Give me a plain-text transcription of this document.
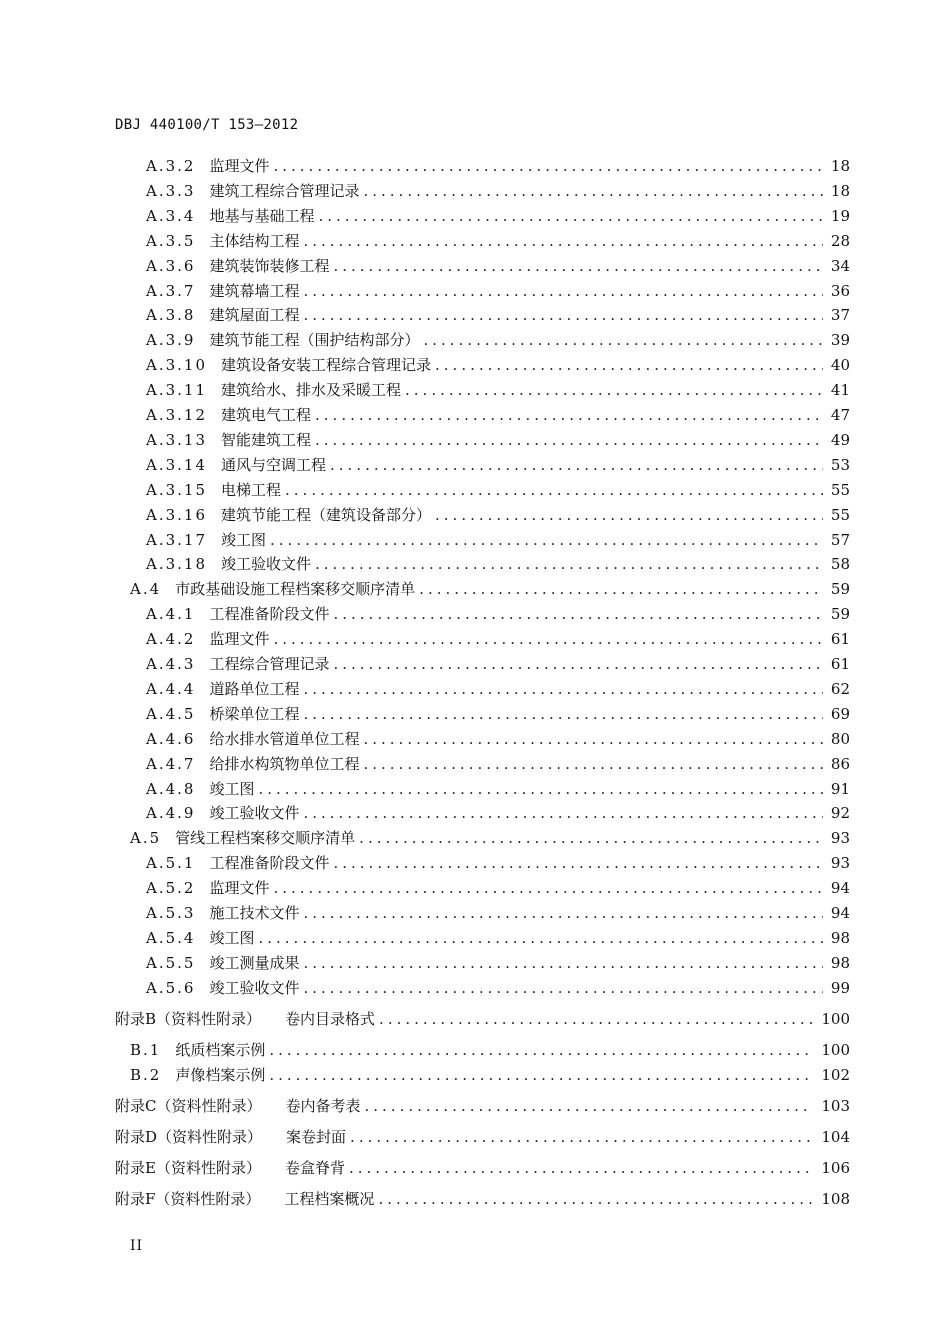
DBJ 440100/T 153—2012
A.3.2 监理文件 .....	18
A.3.3 建筑工程综合管理记录 .....	18
A.3.4 地基与基础工程 .....	19
A.3.5 主体结构工程 .....	28
A.3.6 建筑装饰装修工程 .....	34
A.3.7 建筑幕墙工程 .....	36
A.3.8 建筑屋面工程 .....	37
A.3.9 建筑节能工程（围护结构部分） .....	39
A.3.10 建筑设备安装工程综合管理记录 .....	40
A.3.11 建筑给水、排水及采暖工程 .....	41
A.3.12 建筑电气工程 .....	47
A.3.13 智能建筑工程 .....	49
A.3.14 通风与空调工程 .....	53
A.3.15 电梯工程 .....	55
A.3.16 建筑节能工程（建筑设备部分） .....	55
A.3.17 竣工图 .....	57
A.3.18 竣工验收文件 .....	58
A.4 市政基础设施工程档案移交顺序清单 .....	59
A.4.1 工程准备阶段文件 .....	59
A.4.2 监理文件 .....	61
A.4.3 工程综合管理记录 .....	61
A.4.4 道路单位工程 .....	62
A.4.5 桥梁单位工程 .....	69
A.4.6 给水排水管道单位工程 .....	80
A.4.7 给排水构筑物单位工程 .....	86
A.4.8 竣工图 .....	91
A.4.9 竣工验收文件 .....	92
A.5 管线工程档案移交顺序清单 .....	93
A.5.1 工程准备阶段文件 .....	93
A.5.2 监理文件 .....	94
A.5.3 施工技术文件 .....	94
A.5.4 竣工图 .....	98
A.5.5 竣工测量成果 .....	98
A.5.6 竣工验收文件 .....	99
附录B（资料性附录） 卷内目录格式 .....	100
B.1 纸质档案示例 .....	100
B.2 声像档案示例 .....	102
附录C（资料性附录） 卷内备考表 .....	103
附录D（资料性附录） 案卷封面 .....	104
附录E（资料性附录） 卷盒脊背 .....	106
附录F（资料性附录） 工程档案概况 .....	108
II
